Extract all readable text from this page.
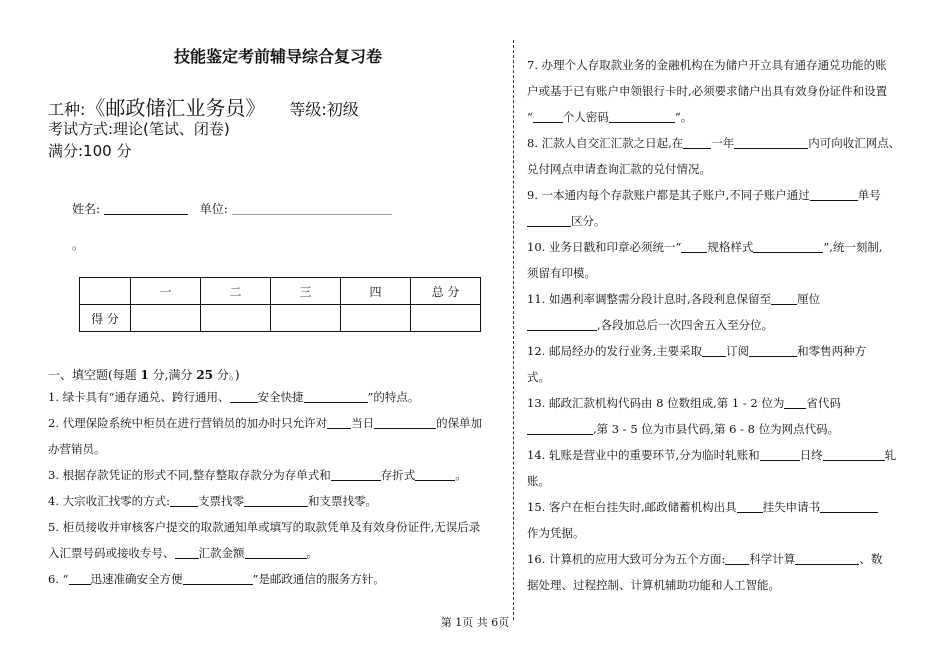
技能鉴定考前辅导综合复习卷
工种:《邮政储汇业务员》 等级:初级
考试方式:理论(笔试、闭卷)
满分:100 分
姓名:	单位:
。
	一	二	三	四	总 分
得 分					
一、填空题(每题 1 分,满分 25 分。)

1. 绿卡具有“通存通兑、跨行通用、 安全快捷	”的特点。

2. 代理保险系统中柜员在进行营销员的加办时只允许对 当日	的保单加
办营销员。

3. 根据存款凭证的形式不同,整存整取存款分为存单式和	存折式	。

4. 大宗收汇找零的方式: 支票找零	和支票找零。

5. 柜员接收并审核客户提交的取款通知单或填写的取款凭单及有效身份证件,无误后录
入汇票号码或接收专号、 汇款金额	。

6. “ 迅速准确安全方便	”是邮政通信的服务方针。

7. 办理个人存取款业务的金融机构在为储户开立具有通存通兑功能的账
户或基于已有账户申领银行卡时,必须要求储户出具有效身份证件和设置
“	个人密码	”。

8. 汇款人自交汇汇款之日起,在 一年	内可向收汇网点、
兑付网点申请查询汇款的兑付情况。

9. 一本通内每个存款账户都是其子账户,不同子账户通过	单号
区分。

10. 业务日戳和印章必须统一“ 规格样式	”,统一刻制,
须留有印模。

11. 如遇利率调整需分段计息时,各段利息保留至 厘位
,各段加总后一次四舍五入至分位。

12. 邮局经办的发行业务,主要采取 订阅	和零售两种方
式。

13. 邮政汇款机构代码由 8 位数组成,第 1 - 2 位为 省代码
,第 3 - 5 位为市县代码,第 6 - 8 位为网点代码。

14. 轧账是营业中的重要环节,分为临时轧账和	日终	轧
账。

15. 客户在柜台挂失时,邮政储蓄机构出具 挂失申请书
作为凭据。

16. 计算机的应用大致可分为五个方面: 科学计算	、数
据处理、过程控制、计算机辅助功能和人工智能。

第 1页 共 6页
